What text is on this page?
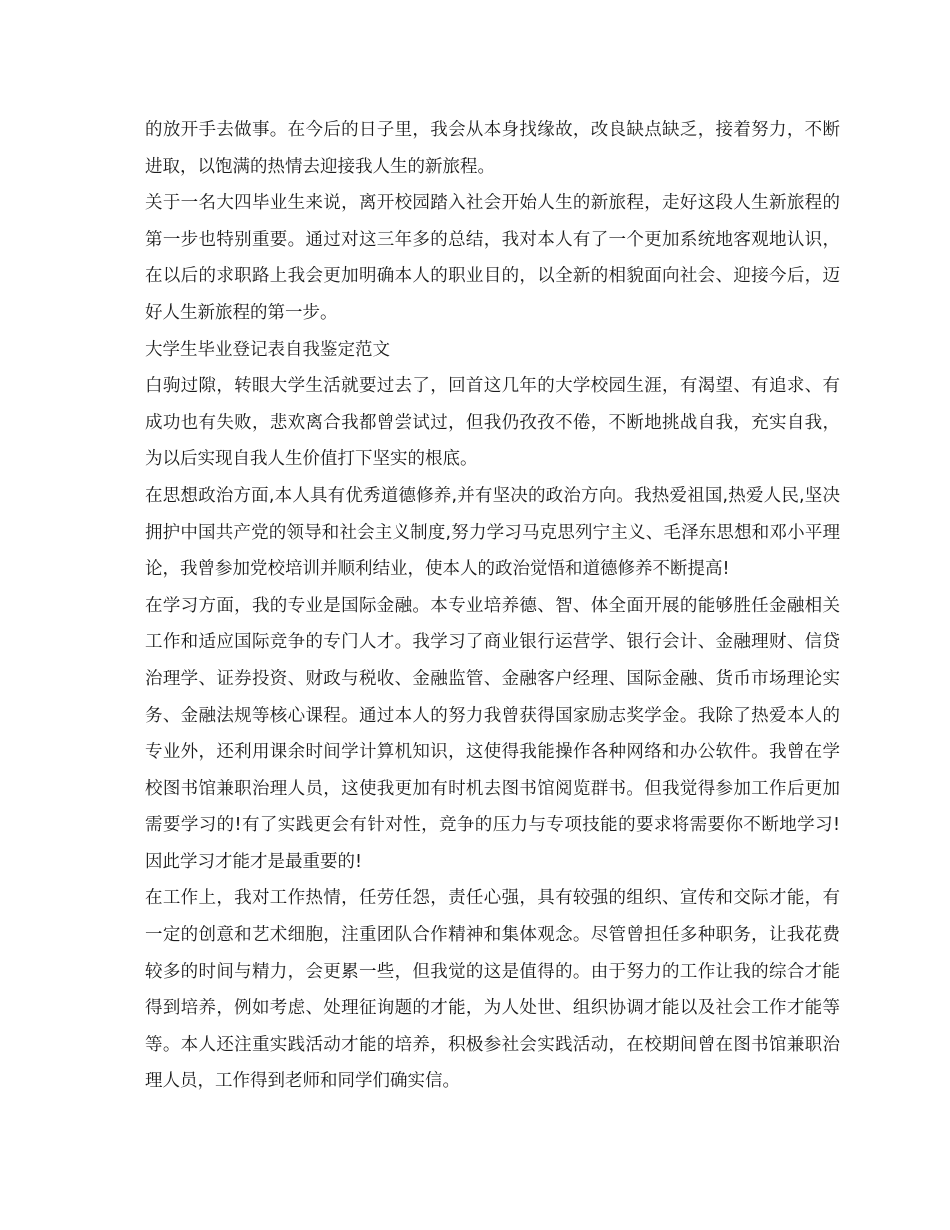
的放开手去做事。在今后的日子里，我会从本身找缘故，改良缺点缺乏，接着努力，不断进取，以饱满的热情去迎接我人生的新旅程。

关于一名大四毕业生来说，离开校园踏入社会开始人生的新旅程，走好这段人生新旅程的第一步也特别重要。通过对这三年多的总结，我对本人有了一个更加系统地客观地认识，在以后的求职路上我会更加明确本人的职业目的，以全新的相貌面向社会、迎接今后，迈好人生新旅程的第一步。

大学生毕业登记表自我鉴定范文

白驹过隙，转眼大学生活就要过去了，回首这几年的大学校园生涯，有渴望、有追求、有成功也有失败，悲欢离合我都曾尝试过，但我仍孜孜不倦，不断地挑战自我，充实自我，为以后实现自我人生价值打下坚实的根底。

在思想政治方面,本人具有优秀道德修养,并有坚决的政治方向。我热爱祖国,热爱人民,坚决拥护中国共产党的领导和社会主义制度,努力学习马克思列宁主义、毛泽东思想和邓小平理论，我曾参加党校培训并顺利结业，使本人的政治觉悟和道德修养不断提高!

在学习方面，我的专业是国际金融。本专业培养德、智、体全面开展的能够胜任金融相关工作和适应国际竞争的专门人才。我学习了商业银行运营学、银行会计、金融理财、信贷治理学、证券投资、财政与税收、金融监管、金融客户经理、国际金融、货币市场理论实务、金融法规等核心课程。通过本人的努力我曾获得国家励志奖学金。我除了热爱本人的专业外，还利用课余时间学计算机知识，这使得我能操作各种网络和办公软件。我曾在学校图书馆兼职治理人员，这使我更加有时机去图书馆阅览群书。但我觉得参加工作后更加需要学习的!有了实践更会有针对性，竞争的压力与专项技能的要求将需要你不断地学习!因此学习才能才是最重要的!

在工作上，我对工作热情，任劳任怨，责任心强，具有较强的组织、宣传和交际才能，有一定的创意和艺术细胞，注重团队合作精神和集体观念。尽管曾担任多种职务，让我花费较多的时间与精力，会更累一些，但我觉的这是值得的。由于努力的工作让我的综合才能得到培养，例如考虑、处理征询题的才能，为人处世、组织协调才能以及社会工作才能等等。本人还注重实践活动才能的培养，积极参社会实践活动，在校期间曾在图书馆兼职治理人员，工作得到老师和同学们确实信。
